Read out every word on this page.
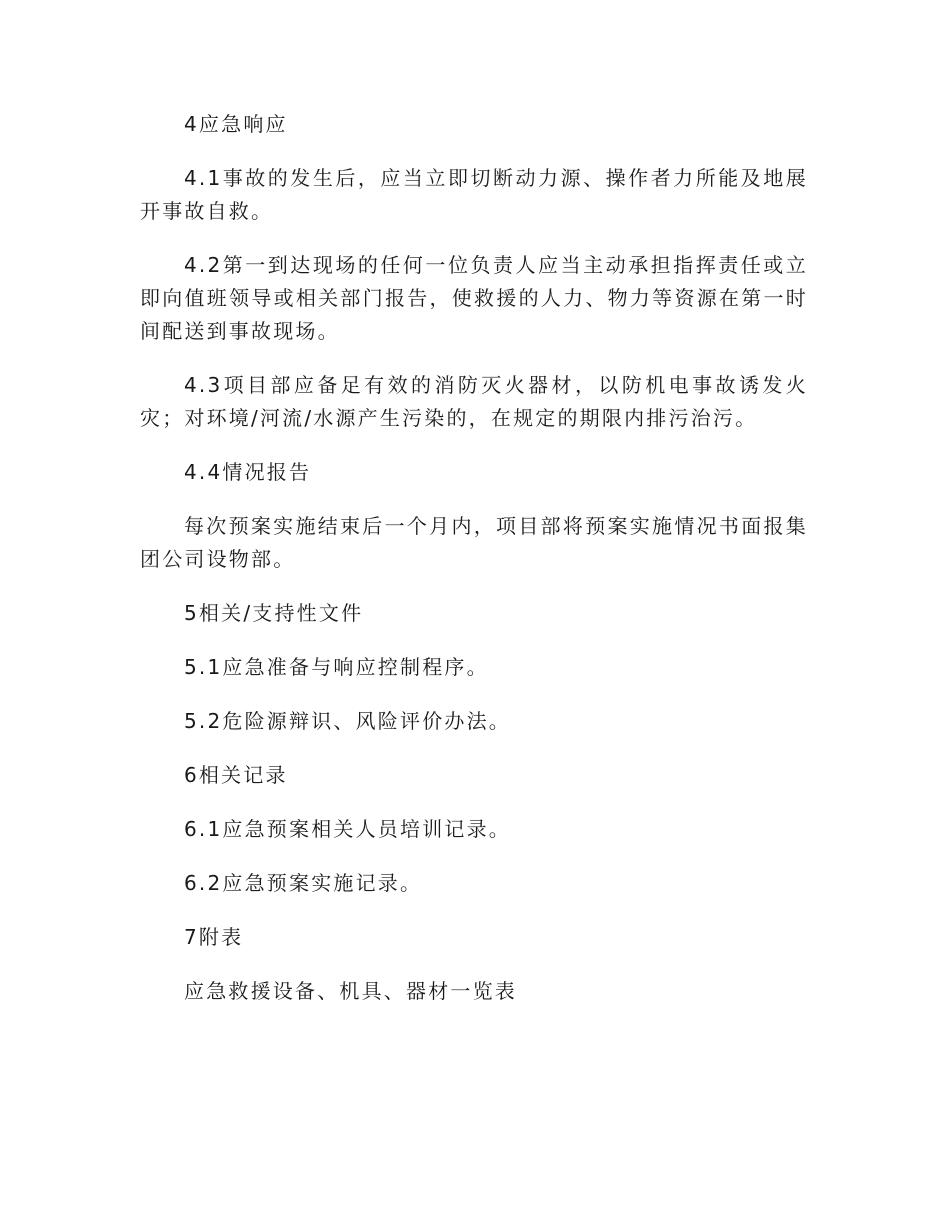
4应急响应

4.1事故的发生后，应当立即切断动力源、操作者力所能及地展开事故自救。

4.2第一到达现场的任何一位负责人应当主动承担指挥责任或立即向值班领导或相关部门报告，使救援的人力、物力等资源在第一时间配送到事故现场。

4.3项目部应备足有效的消防灭火器材，以防机电事故诱发火灾；对环境/河流/水源产生污染的，在规定的期限内排污治污。

4.4情况报告

每次预案实施结束后一个月内，项目部将预案实施情况书面报集团公司设物部。

5相关/支持性文件

5.1应急准备与响应控制程序。

5.2危险源辩识、风险评价办法。

6相关记录

6.1应急预案相关人员培训记录。

6.2应急预案实施记录。

7附表

应急救援设备、机具、器材一览表
